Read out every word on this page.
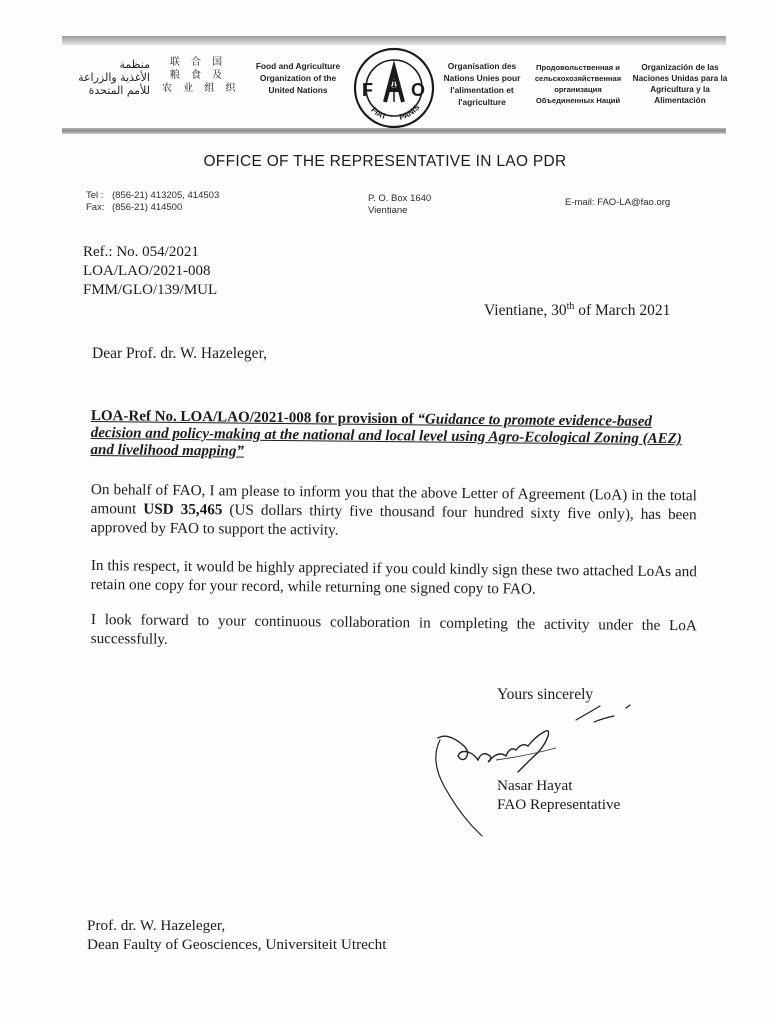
منظمة
الأغذية والزراعة
للأمم المتحدة
联 合 国
粮 食 及
农 业 组 织
Food and Agriculture
Organization of the
United Nations	F O
FIAT PANIS
Organisation des
Nations Unies pour
l'alimentation et
l'agriculture
Продовольственная и
сельскохозяйственная
организация
Объединенных Наций
Organización de las
Naciones Unidas para la
Agricultura y la
Alimentación
OFFICE OF THE REPRESENTATIVE IN LAO PDR
Tel : (856-21) 413205, 414503
Fax: (856-21) 414500
P. O. Box 1640
Vientiane
E-mail: FAO-LA@fao.org
Ref.: No. 054/2021
LOA/LAO/2021-008
FMM/GLO/139/MUL
Vientiane, 30th of March 2021
Dear Prof. dr. W. Hazeleger,
LOA-Ref No. LOA/LAO/2021-008 for provision of “Guidance to promote evidence-based decision and policy-making at the national and local level using Agro-Ecological Zoning (AEZ) and livelihood mapping”
On behalf of FAO, I am please to inform you that the above Letter of Agreement (LoA) in the total amount USD 35,465 (US dollars thirty five thousand four hundred sixty five only), has been approved by FAO to support the activity.
In this respect, it would be highly appreciated if you could kindly sign these two attached LoAs and retain one copy for your record, while returning one signed copy to FAO.
I look forward to your continuous collaboration in completing the activity under the LoA successfully.
Yours sincerely
Nasar Hayat
FAO Representative
Prof. dr. W. Hazeleger,
Dean Faulty of Geosciences, Universiteit Utrecht
